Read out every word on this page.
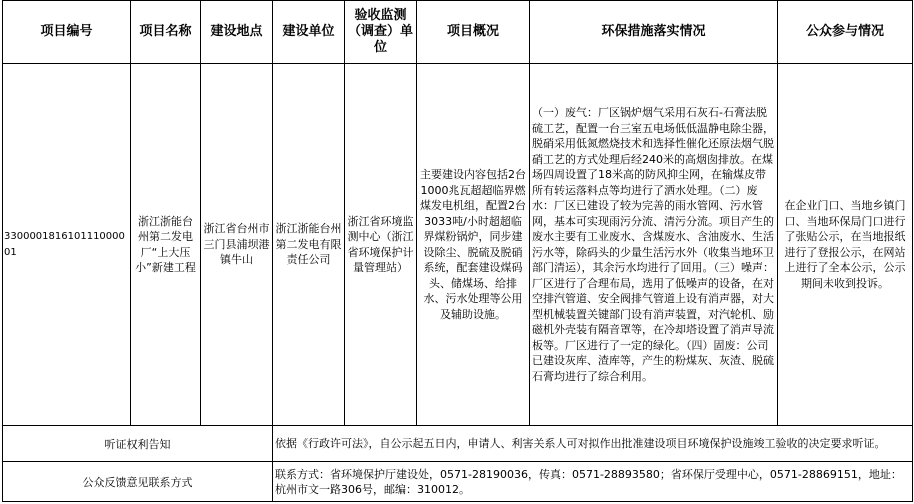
项目编号	项目名称	建设地点	建设单位	验收监测（调查）单位	项目概况	环保措施落实情况	公众参与情况
330000181610111000001	浙江浙能台州第二发电厂“上大压小”新建工程	浙江省台州市三门县浦坝港镇牛山	浙江浙能台州第二发电有限责任公司	浙江省环境监测中心（浙江省环境保护计量管理站）	主要建设内容包括2台1000兆瓦超超临界燃煤发电机组，配置2台3033吨/小时超超临界煤粉锅炉，同步建设除尘、脱硫及脱硝系统，配套建设煤码头、储煤场、给排水、污水处理等公用及辅助设施。	（一）废气：厂区锅炉烟气采用石灰石-石膏法脱硫工艺，配置一台三室五电场低低温静电除尘器，脱硝采用低氮燃烧技术和选择性催化还原法烟气脱硝工艺的方式处理后经240米的高烟囱排放。在煤场四周设置了18米高的防风抑尘网，在输煤皮带所有转运落料点等均进行了洒水处理。（二）废水：厂区已建设了较为完善的雨水管网、污水管网，基本可实现雨污分流、清污分流。项目产生的废水主要有工业废水、含煤废水、含油废水、生活污水等，除码头的少量生活污水外（收集当地环卫部门清运），其余污水均进行了回用。（三）噪声：厂区进行了合理布局，选用了低噪声的设备，在对空排汽管道、安全阀排气管道上设有消声器，对大型机械装置关键部门设有消声装置，对汽轮机、励磁机外壳装有隔音罩等，在冷却塔设置了消声导流板等。厂区进行了一定的绿化。（四）固废：公司已建设灰库、渣库等，产生的粉煤灰、灰渣、脱硫石膏均进行了综合利用。	在企业门口、当地乡镇门口、当地环保局门口进行了张贴公示，在当地报纸进行了登报公示，在网站上进行了全本公示，公示期间未收到投诉。
听证权利告知			依据《行政许可法》，自公示起五日内，申请人、利害关系人可对拟作出批准建设项目环境保护设施竣工验收的决定要求听证。				
公众反馈意见联系方式			联系方式：省环境保护厅建设处，0571-28190036，传真：0571-28893580；省环保厅受理中心，0571-28869151，地址：杭州市文一路306号，邮编：310012。				
